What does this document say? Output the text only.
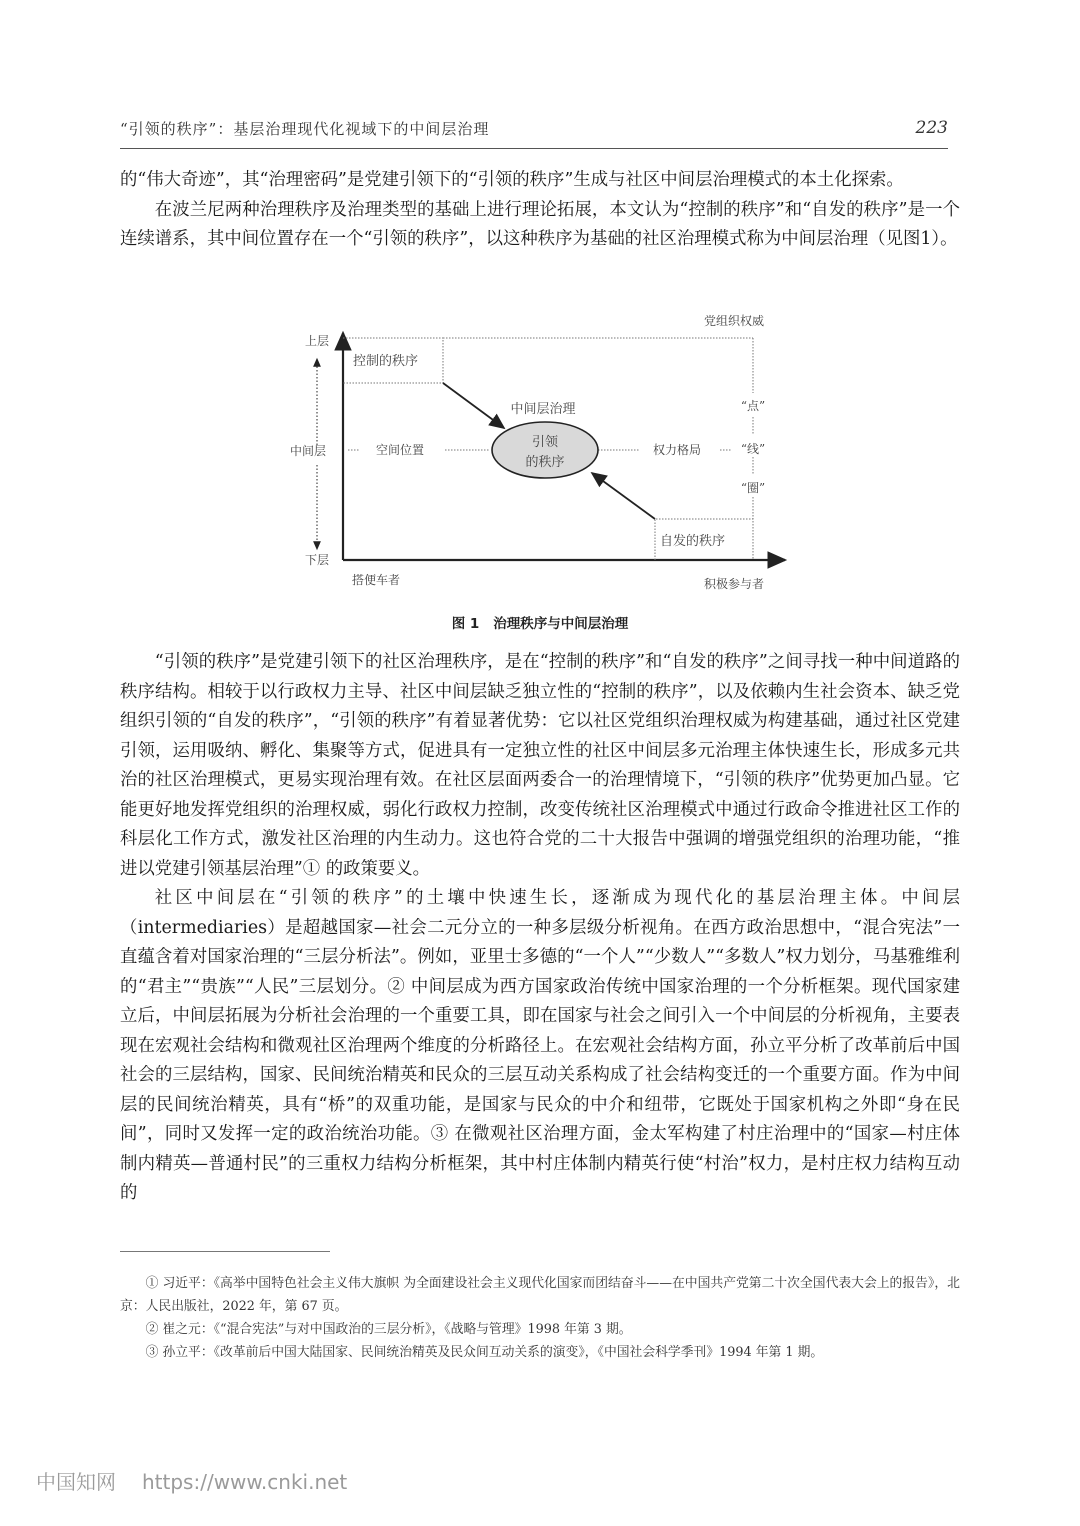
“引领的秩序”：基层治理现代化视域下的中间层治理	223

的“伟大奇迹”，其“治理密码”是党建引领下的“引领的秩序”生成与社区中间层治理模式的本土化探索。

在波兰尼两种治理秩序及治理类型的基础上进行理论拓展，本文认为“控制的秩序”和“自发的秩序”是一个连续谱系，其中间位置存在一个“引领的秩序”，以这种秩序为基础的社区治理模式称为中间层治理（见图1）。

党组织权威
上层
中间层
下层
控制的秩序
中间层治理
空间位置	引领
的秩序
权力格局
“点”
“线”
“圈”
自发的秩序
搭便车者	积极参与者
图 1 治理秩序与中间层治理

“引领的秩序”是党建引领下的社区治理秩序，是在“控制的秩序”和“自发的秩序”之间寻找一种中间道路的秩序结构。相较于以行政权力主导、社区中间层缺乏独立性的“控制的秩序”，以及依赖内生社会资本、缺乏党组织引领的“自发的秩序”，“引领的秩序”有着显著优势：它以社区党组织治理权威为构建基础，通过社区党建引领，运用吸纳、孵化、集聚等方式，促进具有一定独立性的社区中间层多元治理主体快速生长，形成多元共治的社区治理模式，更易实现治理有效。在社区层面两委合一的治理情境下，“引领的秩序”优势更加凸显。它能更好地发挥党组织的治理权威，弱化行政权力控制，改变传统社区治理模式中通过行政命令推进社区工作的科层化工作方式，激发社区治理的内生动力。这也符合党的二十大报告中强调的增强党组织的治理功能，“推进以党建引领基层治理”① 的政策要义。

社区中间层在“引领的秩序”的土壤中快速生长，逐渐成为现代化的基层治理主体。中间层（intermediaries）是超越国家—社会二元分立的一种多层级分析视角。在西方政治思想中，“混合宪法”一直蕴含着对国家治理的“三层分析法”。例如，亚里士多德的“一个人”“少数人”“多数人”权力划分，马基雅维利的“君主”“贵族”“人民”三层划分。② 中间层成为西方国家政治传统中国家治理的一个分析框架。现代国家建立后，中间层拓展为分析社会治理的一个重要工具，即在国家与社会之间引入一个中间层的分析视角，主要表现在宏观社会结构和微观社区治理两个维度的分析路径上。在宏观社会结构方面，孙立平分析了改革前后中国社会的三层结构，国家、民间统治精英和民众的三层互动关系构成了社会结构变迁的一个重要方面。作为中间层的民间统治精英，具有“桥”的双重功能，是国家与民众的中介和纽带，它既处于国家机构之外即“身在民间”，同时又发挥一定的政治统治功能。③ 在微观社区治理方面，金太军构建了村庄治理中的“国家—村庄体制内精英—普通村民”的三重权力结构分析框架，其中村庄体制内精英行使“村治”权力，是村庄权力结构互动的

① 习近平：《高举中国特色社会主义伟大旗帜 为全面建设社会主义现代化国家而团结奋斗——在中国共产党第二十次全国代表大会上的报告》，北京：人民出版社，2022 年，第 67 页。

② 崔之元：《“混合宪法”与对中国政治的三层分析》，《战略与管理》1998 年第 3 期。

③ 孙立平：《改革前后中国大陆国家、民间统治精英及民众间互动关系的演变》，《中国社会科学季刊》1994 年第 1 期。

中国知网 https://www.cnki.net
